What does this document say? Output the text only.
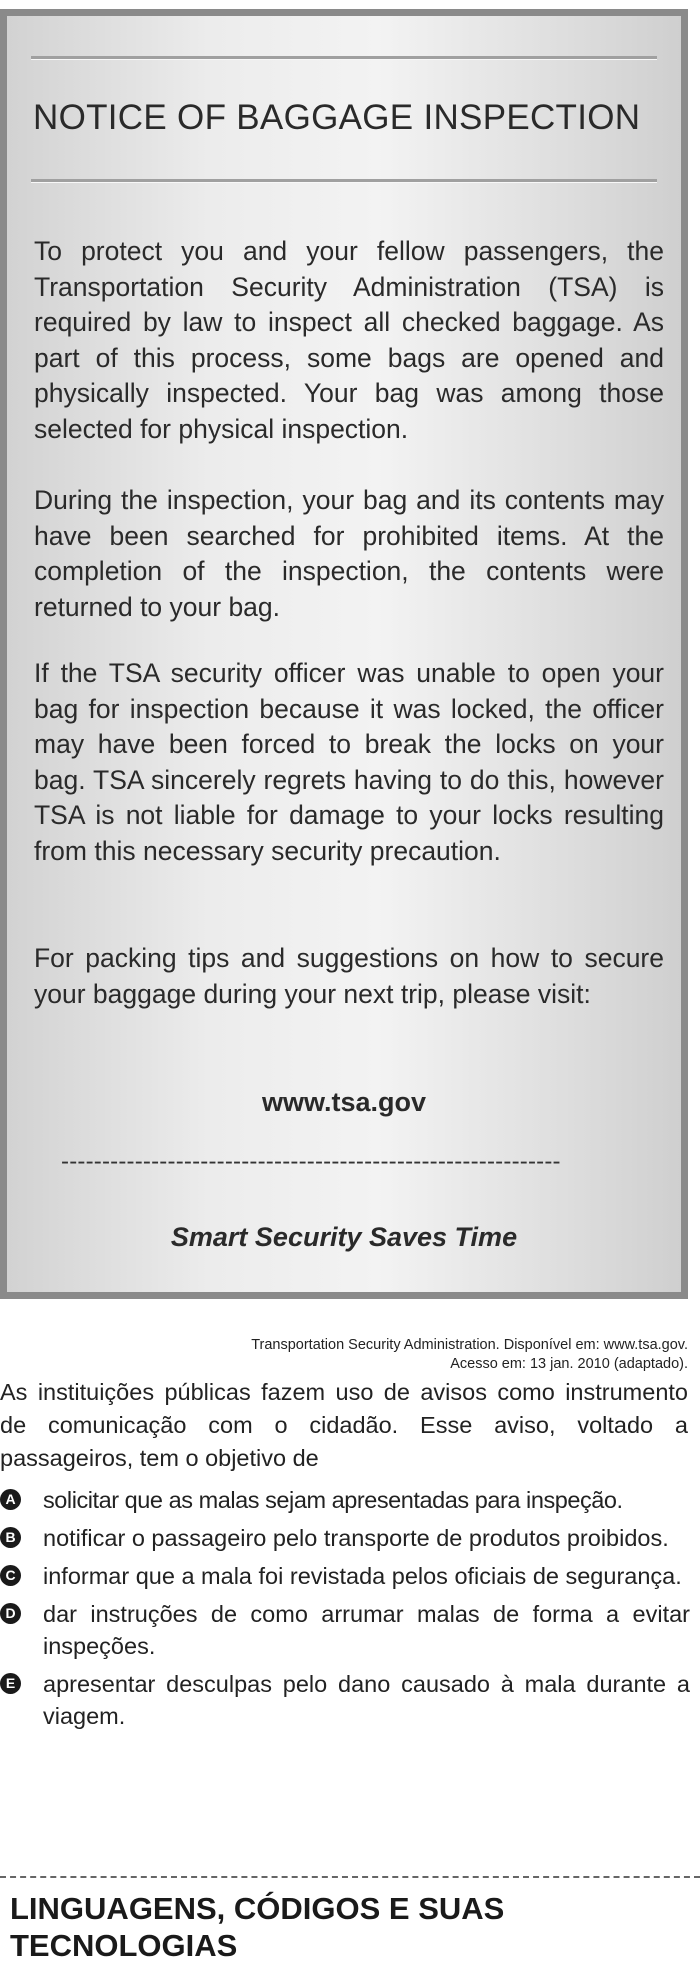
NOTICE OF BAGGAGE INSPECTION
To protect you and your fellow passengers, the Transportation Security Administration (TSA) is required by law to inspect all checked baggage. As part of this process, some bags are opened and physically inspected. Your bag was among those selected for physical inspection.
During the inspection, your bag and its contents may have been searched for prohibited items. At the completion of the inspection, the contents were returned to your bag.
If the TSA security officer was unable to open your bag for inspection because it was locked, the officer may have been forced to break the locks on your bag. TSA sincerely regrets having to do this, however TSA is not liable for damage to your locks resulting from this necessary security precaution.
For packing tips and suggestions on how to secure your baggage during your next trip, please visit:
www.tsa.gov
-------------------------------------------------------------
Smart Security Saves Time
Transportation Security Administration. Disponível em: www.tsa.gov.
Acesso em: 13 jan. 2010 (adaptado).
As instituições públicas fazem uso de avisos como instrumento de comunicação com o cidadão. Esse aviso, voltado a passageiros, tem o objetivo de
A solicitar que as malas sejam apresentadas para inspeção.
B notificar o passageiro pelo transporte de produtos proibidos.
C informar que a mala foi revistada pelos oficiais de segurança.
D dar instruções de como arrumar malas de forma a evitar inspeções.
E apresentar desculpas pelo dano causado à mala durante a viagem.
LINGUAGENS, CÓDIGOS E SUAS TECNOLOGIAS
